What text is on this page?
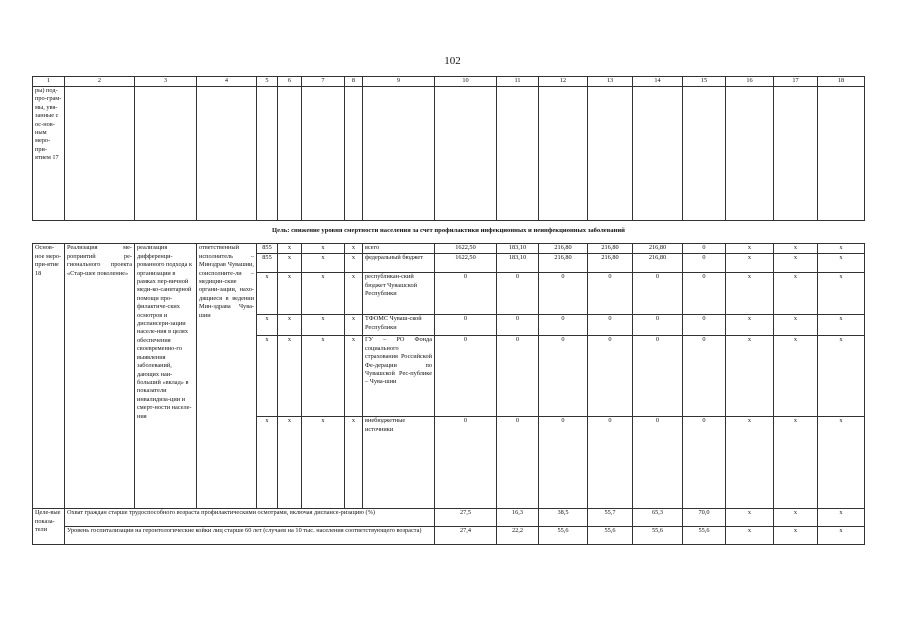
102
1	2	3	4	5	6	7	8	9	10	11	12	13	14	15	16	17	18
ры) под-про-грам-мы, увя-занные с ос-нов-ным меро-при-ятием 17																	
Цель: снижение уровня смертности населения за счет профилактики инфекционных и неинфекционных заболеваний																	
Основ-ное меро-при-ятие 18	Реализация ме-роприятий ре-гионального проекта «Стар-шее поколение»	реализация дифференци-рованного подхода к организации в рамках пер-вичной меди-ко-санитарной помощи про-филактиче-ских осмотров и диспансери-зации населе-ния в целях обеспечения своевременно-го выявления заболеваний, дающих наи-больший «вклад» в показатели инвалидиза-ции и смерт-ности населе-ния	ответственный исполнитель – Минздрав Чувашии, соисполните-ли – медицин-ские органи-зации, нахо-дящиеся в ведении Мин-здрава Чува-шии	855	x	x	x	всего	1622,50	183,10	216,80	216,80	216,80	0	x	x	x
				855	x	x	x	федеральный бюджет	1622,50	183,10	216,80	216,80	216,80	0	x	x	x
				x	x	x	x	республикан-ский бюджет Чувашской Республики	0	0	0	0	0	0	x	x	x
				x	x	x	x	ТФОМС Чуваш-ской Республики	0	0	0	0	0	0	x	x	x
				x	x	x	x	ГУ – РО Фонда социального страхования Российской Фе-дерации по Чувашской Рес-публике – Чува-шии	0	0	0	0	0	0	x	x	x
				x	x	x	x	внебюджетные источники	0	0	0	0	0	0	x	x	x
Целе-вые показа-тели	Охват граждан старше трудоспособного возраста профилактическими осмотрами, включая диспансе-ризацию (%)								27,5	16,3	38,5	55,7	65,3	70,0	x	x	x
	Уровень госпитализации на геронтологические койки лиц старше 60 лет (случаев на 10 тыс. населения соответствующего возраста)								27,4	22,2	55,6	55,6	55,6	55,6	x	x	x
